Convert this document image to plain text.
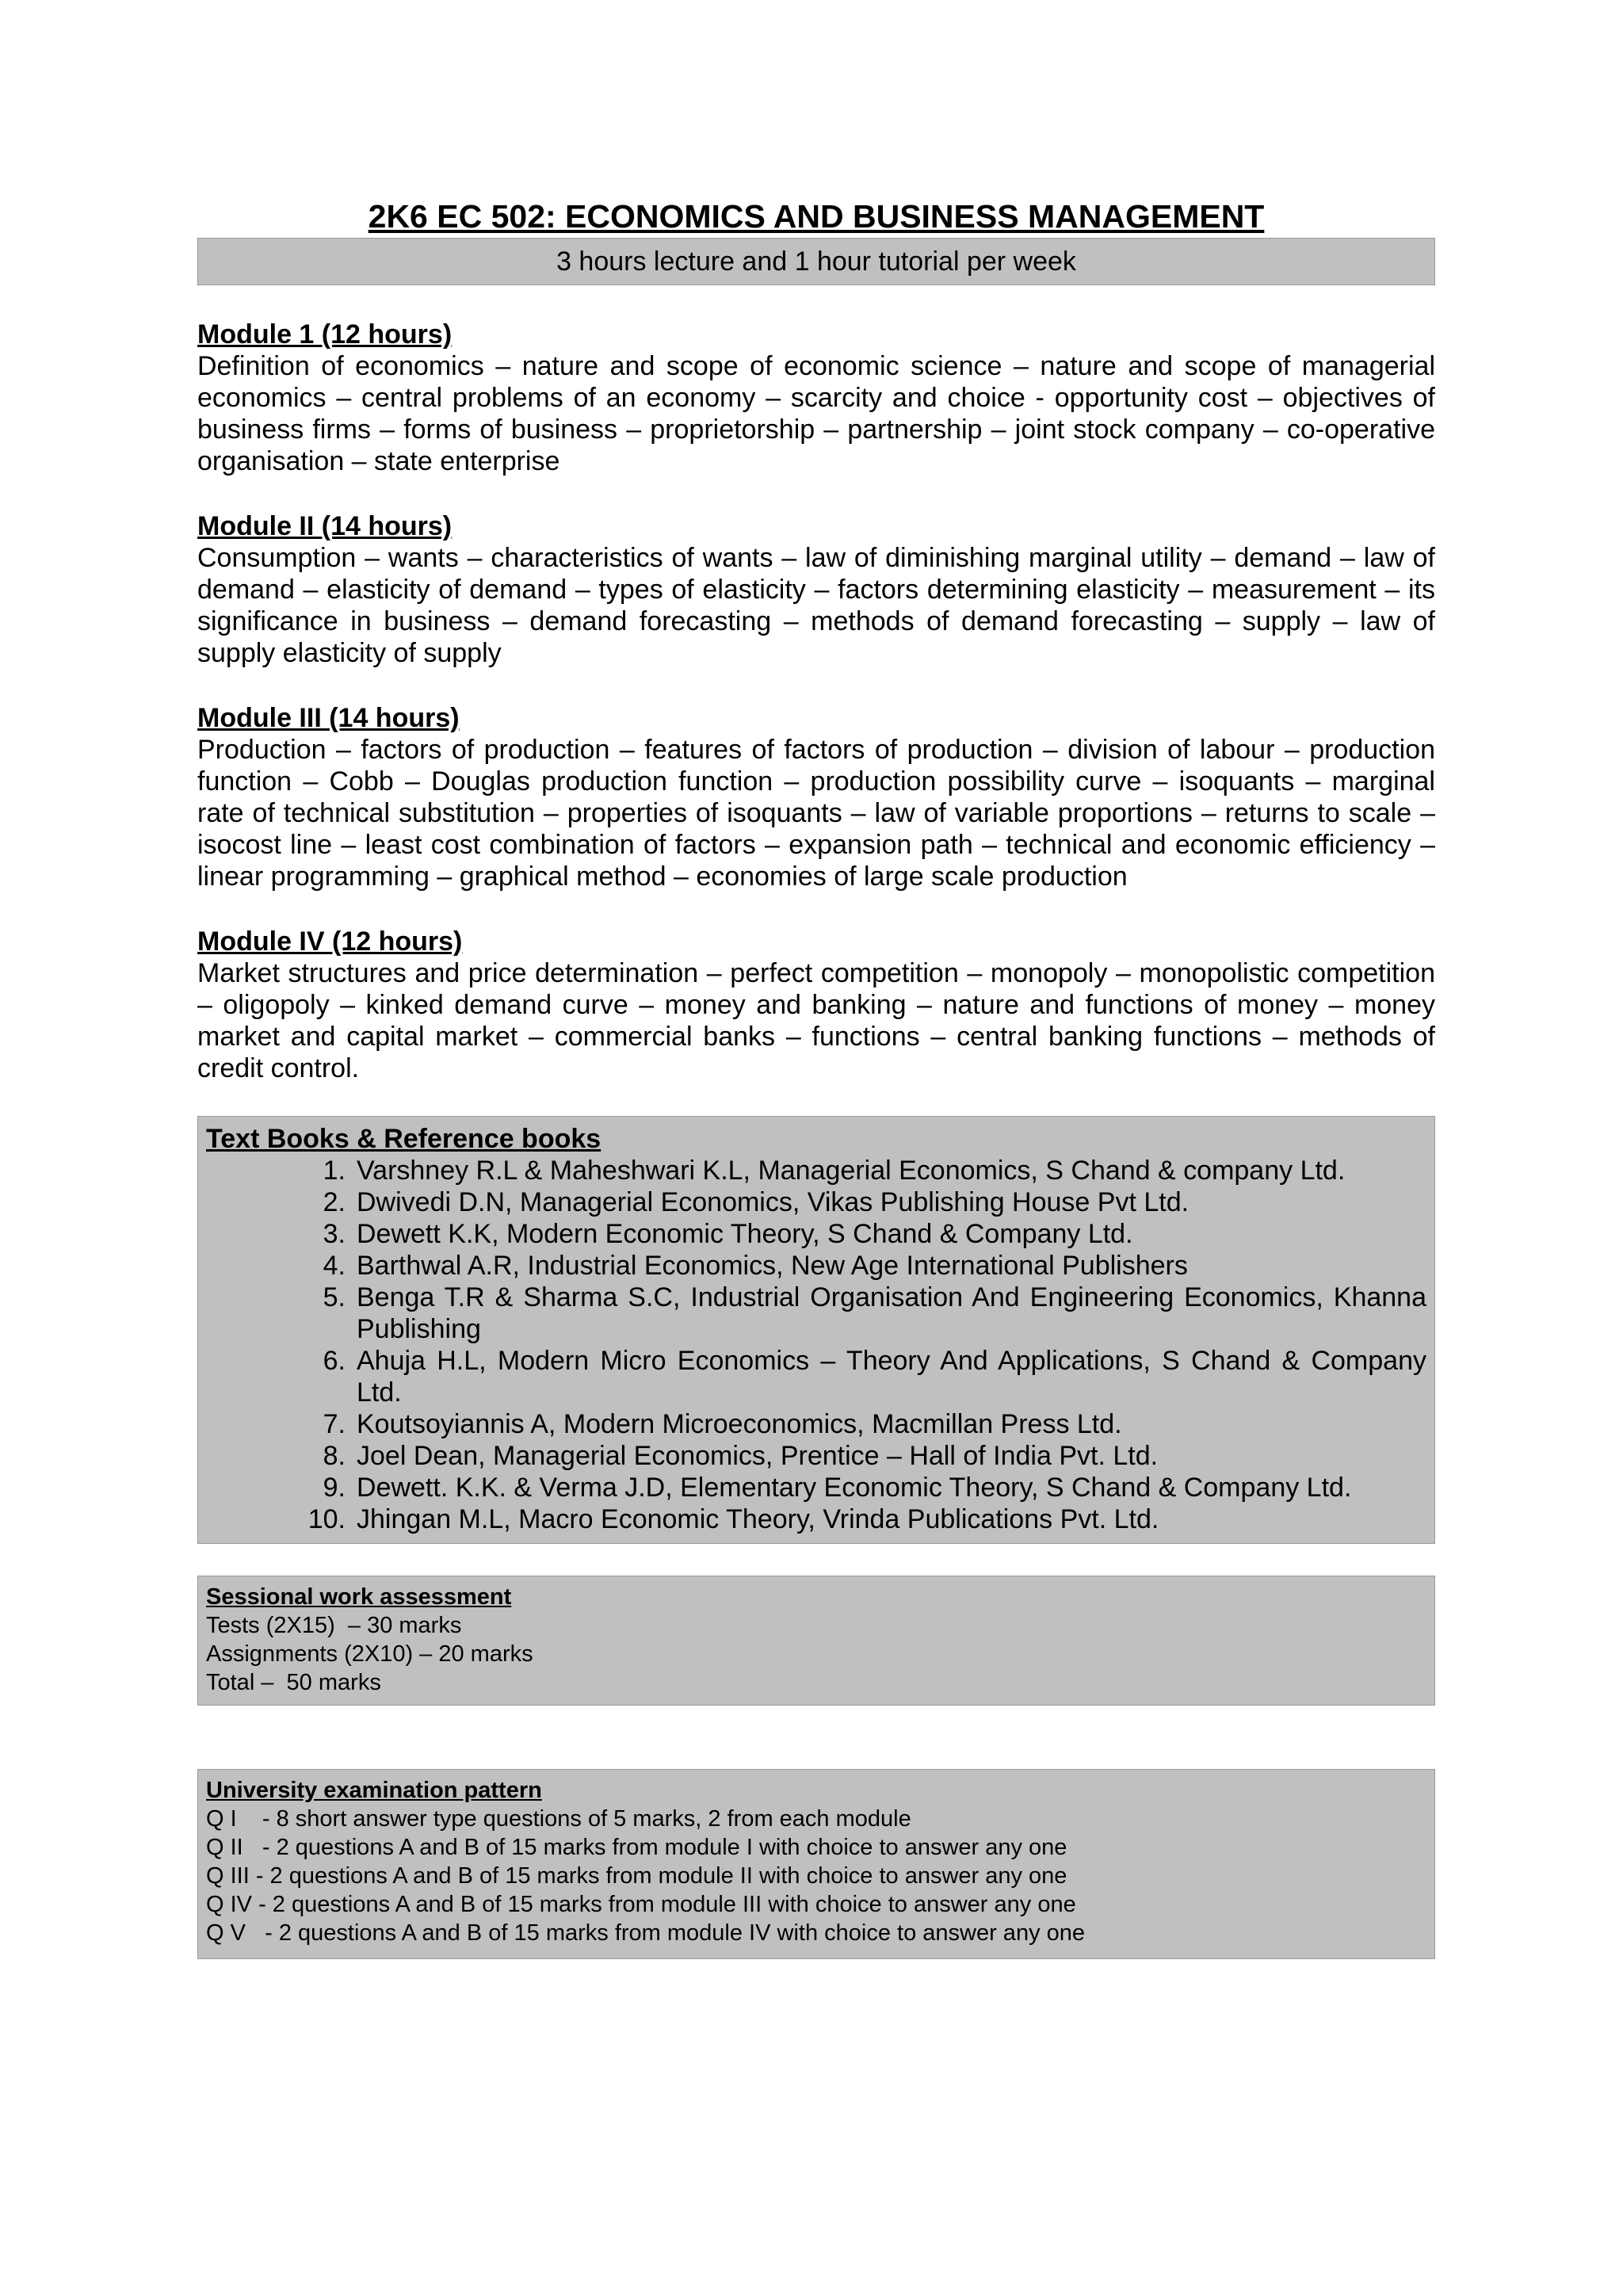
2K6 EC 502: ECONOMICS AND BUSINESS MANAGEMENT
3 hours lecture and 1 hour tutorial per week
Module 1 (12 hours)
Definition of economics – nature and scope of economic science – nature and scope of managerial economics – central problems of an economy – scarcity and choice - opportunity cost – objectives of business firms – forms of business – proprietorship – partnership – joint stock company – co-operative organisation – state enterprise
Module II (14 hours)
Consumption – wants – characteristics of wants – law of diminishing marginal utility – demand – law of demand – elasticity of demand – types of elasticity – factors determining elasticity – measurement – its significance in business – demand forecasting – methods of demand forecasting – supply – law of supply elasticity of supply
Module III (14 hours)
Production – factors of production – features of factors of production – division of labour – production function – Cobb – Douglas production function – production possibility curve – isoquants – marginal rate of technical substitution – properties of isoquants – law of variable proportions – returns to scale – isocost line – least cost combination of factors – expansion path – technical and economic efficiency – linear programming – graphical method – economies of large scale production
Module IV (12 hours)
Market structures and price determination – perfect competition – monopoly – monopolistic competition – oligopoly – kinked demand curve – money and banking – nature and functions of money – money market and capital market – commercial banks – functions – central banking functions – methods of credit control.
Text Books & Reference books
1. Varshney R.L & Maheshwari K.L, Managerial Economics, S Chand & company Ltd.
2. Dwivedi D.N, Managerial Economics, Vikas Publishing House Pvt Ltd.
3. Dewett K.K, Modern Economic Theory, S Chand & Company Ltd.
4. Barthwal A.R, Industrial Economics, New Age International Publishers
5. Benga T.R & Sharma S.C, Industrial Organisation And Engineering Economics, Khanna Publishing
6. Ahuja H.L, Modern Micro Economics – Theory And Applications, S Chand & Company Ltd.
7. Koutsoyiannis A, Modern Microeconomics, Macmillan Press Ltd.
8. Joel Dean, Managerial Economics, Prentice – Hall of India Pvt. Ltd.
9. Dewett. K.K. & Verma J.D, Elementary Economic Theory, S Chand & Company Ltd.
10. Jhingan M.L, Macro Economic Theory, Vrinda Publications Pvt. Ltd.
Sessional work assessment
Tests (2X15)  – 30 marks
Assignments (2X10) – 20 marks
Total –  50 marks
University examination pattern
Q I    - 8 short answer type questions of 5 marks, 2 from each module
Q II   - 2 questions A and B of 15 marks from module I with choice to answer any one
Q III - 2 questions A and B of 15 marks from module II with choice to answer any one
Q IV - 2 questions A and B of 15 marks from module III with choice to answer any one
Q V   - 2 questions A and B of 15 marks from module IV with choice to answer any one
